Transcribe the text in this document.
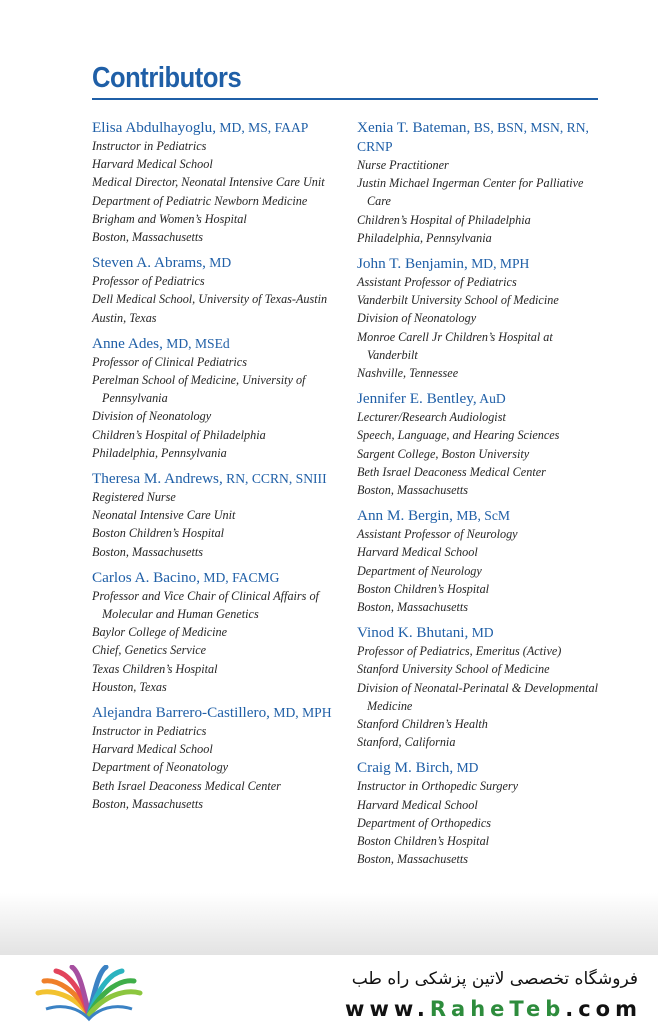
Contributors
Elisa Abdulhayoglu, MD, MS, FAAP
Instructor in Pediatrics
Harvard Medical School
Medical Director, Neonatal Intensive Care Unit
Department of Pediatric Newborn Medicine
Brigham and Women’s Hospital
Boston, Massachusetts
Steven A. Abrams, MD
Professor of Pediatrics
Dell Medical School, University of Texas-Austin
Austin, Texas
Anne Ades, MD, MSEd
Professor of Clinical Pediatrics
Perelman School of Medicine, University of Pennsylvania
Division of Neonatology
Children’s Hospital of Philadelphia
Philadelphia, Pennsylvania
Theresa M. Andrews, RN, CCRN, SNIII
Registered Nurse
Neonatal Intensive Care Unit
Boston Children’s Hospital
Boston, Massachusetts
Carlos A. Bacino, MD, FACMG
Professor and Vice Chair of Clinical Affairs of Molecular and Human Genetics
Baylor College of Medicine
Chief, Genetics Service
Texas Children’s Hospital
Houston, Texas
Alejandra Barrero-Castillero, MD, MPH
Instructor in Pediatrics
Harvard Medical School
Department of Neonatology
Beth Israel Deaconess Medical Center
Boston, Massachusetts
Xenia T. Bateman, BS, BSN, MSN, RN, CRNP
Nurse Practitioner
Justin Michael Ingerman Center for Palliative Care
Children’s Hospital of Philadelphia
Philadelphia, Pennsylvania
John T. Benjamin, MD, MPH
Assistant Professor of Pediatrics
Vanderbilt University School of Medicine
Division of Neonatology
Monroe Carell Jr Children’s Hospital at Vanderbilt
Nashville, Tennessee
Jennifer E. Bentley, AuD
Lecturer/Research Audiologist
Speech, Language, and Hearing Sciences
Sargent College, Boston University
Beth Israel Deaconess Medical Center
Boston, Massachusetts
Ann M. Bergin, MB, ScM
Assistant Professor of Neurology
Harvard Medical School
Department of Neurology
Boston Children’s Hospital
Boston, Massachusetts
Vinod K. Bhutani, MD
Professor of Pediatrics, Emeritus (Active)
Stanford University School of Medicine
Division of Neonatal-Perinatal & Developmental Medicine
Stanford Children’s Health
Stanford, California
Craig M. Birch, MD
Instructor in Orthopedic Surgery
Harvard Medical School
Department of Orthopedics
Boston Children’s Hospital
Boston, Massachusetts
فروشگاه تخصصی لاتین پزشکی راه طب
www.RaheTeb.com
